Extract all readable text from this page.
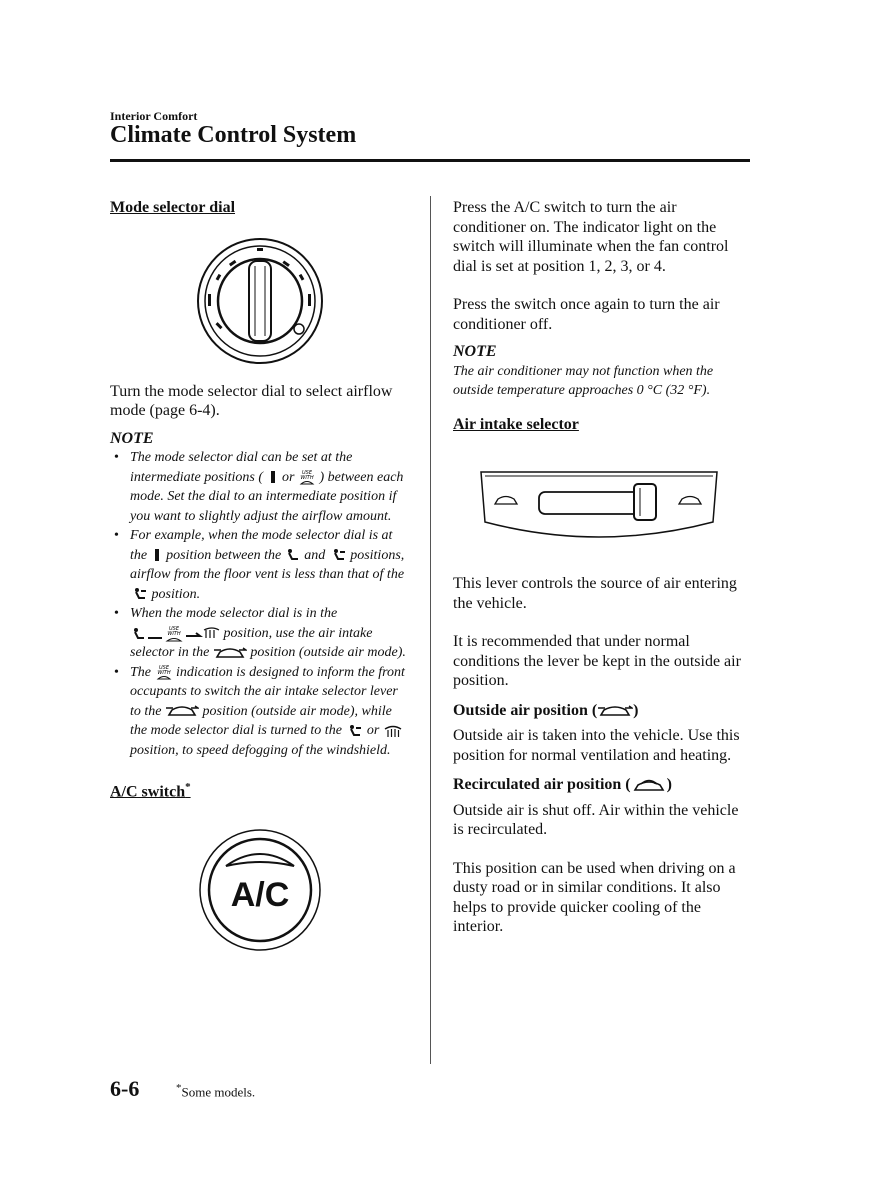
Interior Comfort
Climate Control System

Mode selector dial

Turn the mode selector dial to select airflow mode (page 6-4).

NOTE

• The mode selector dial can be set at the intermediate positions ( or USE
WITH ) between each mode. Set the dial to an intermediate position if you want to slightly adjust the airflow amount.
• For example, when the mode selector dial is at the position between the and positions, airflow from the floor vent is less than that of the  position.
• When the mode selector dial is in the
USE
WITH	position, use the air intake selector in the	position (outside air mode).
• The USE
WITH indication is designed to inform the front occupants to switch the air intake selector lever to the	position (outside air mode), while the mode selector dial is turned to the or  position, to speed defogging of the windshield.

A/C switch*

A/C

Press the A/C switch to turn the air conditioner on. The indicator light on the switch will illuminate when the fan control dial is set at position 1, 2, 3, or 4.

Press the switch once again to turn the air conditioner off.

NOTE

The air conditioner may not function when the outside temperature approaches 0 °C (32 °F).

Air intake selector

This lever controls the source of air entering the vehicle.

It is recommended that under normal conditions the lever be kept in the outside air position.

Outside air position ( )

Outside air is taken into the vehicle. Use this position for normal ventilation and heating.

Recirculated air position ( )

Outside air is shut off. Air within the vehicle is recirculated.

This position can be used when driving on a dusty road or in similar conditions. It also helps to provide quicker cooling of the interior.

6-6	*Some models.
